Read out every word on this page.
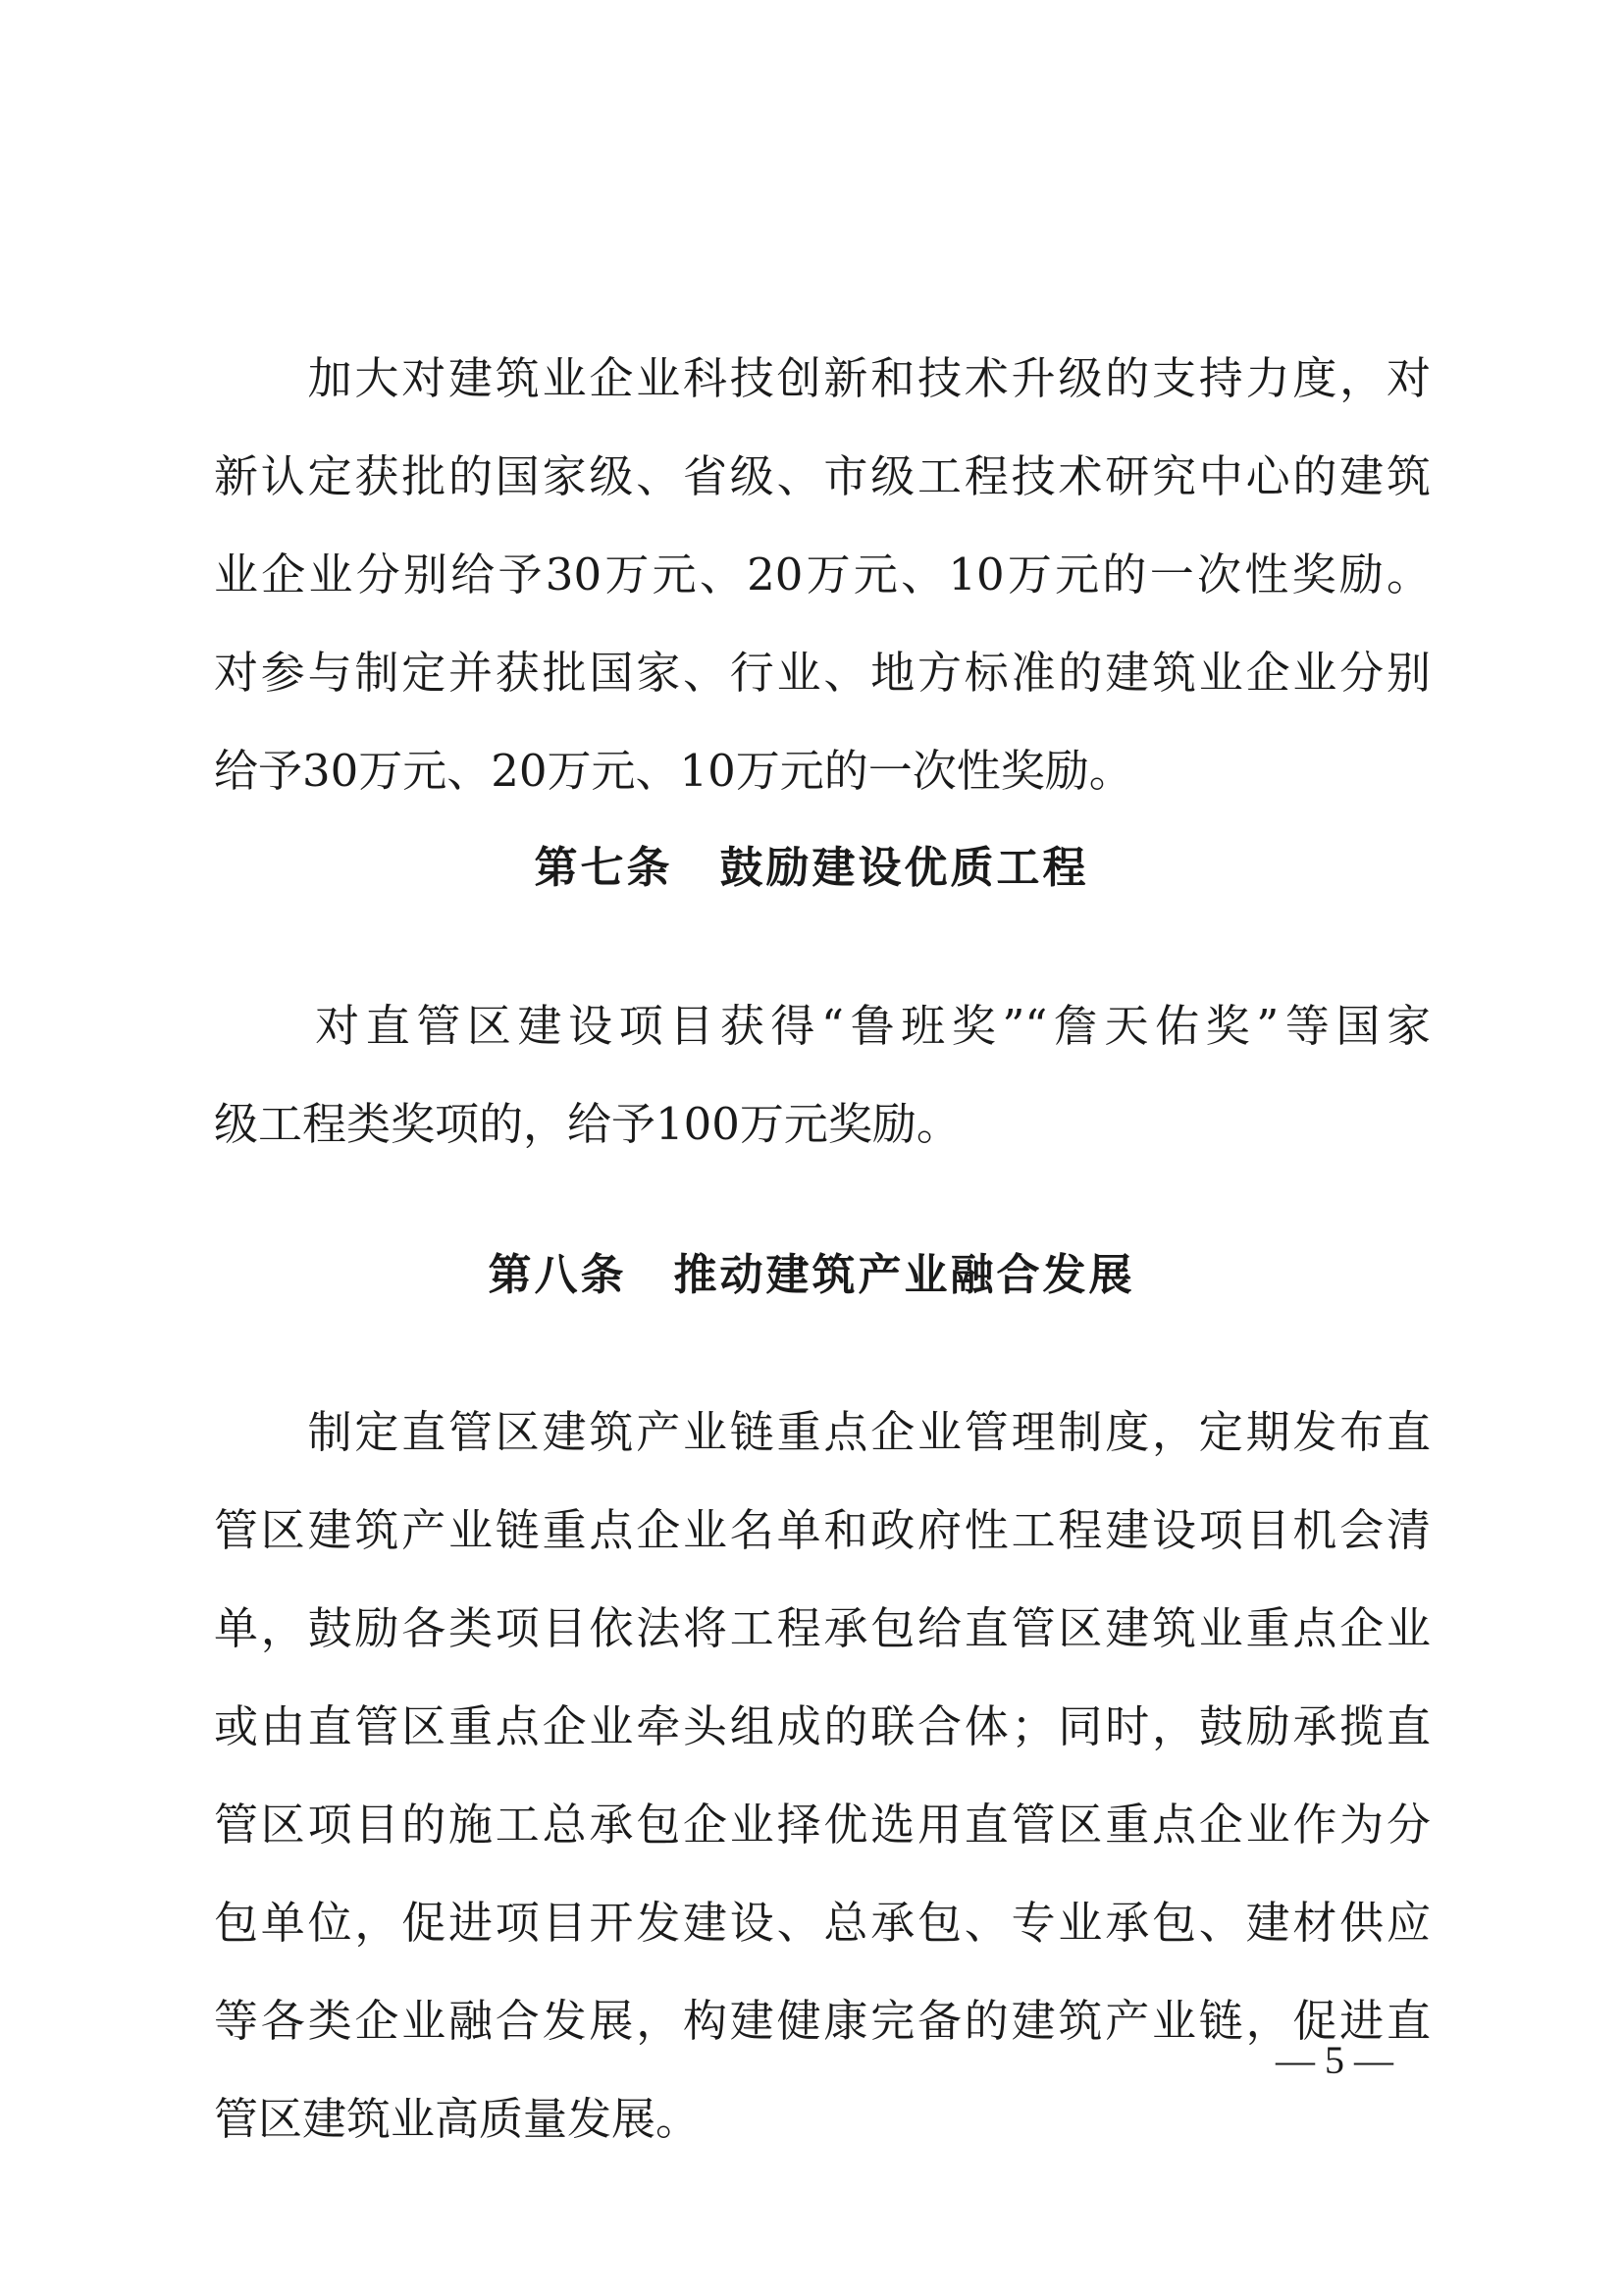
　　加大对建筑业企业科技创新和技术升级的支持力度，对
新认定获批的国家级、省级、市级工程技术研究中心的建筑
业企业分别给予30万元、20万元、10万元的一次性奖励。
对参与制定并获批国家、行业、地方标准的建筑业企业分别
给予30万元、20万元、10万元的一次性奖励。
第七条 鼓励建设优质工程
　　对直管区建设项目获得“鲁班奖”“詹天佑奖”等国家
级工程类奖项的，给予100万元奖励。
第八条 推动建筑产业融合发展
　　制定直管区建筑产业链重点企业管理制度，定期发布直
管区建筑产业链重点企业名单和政府性工程建设项目机会清
单，鼓励各类项目依法将工程承包给直管区建筑业重点企业
或由直管区重点企业牵头组成的联合体；同时，鼓励承揽直
管区项目的施工总承包企业择优选用直管区重点企业作为分
包单位，促进项目开发建设、总承包、专业承包、建材供应
等各类企业融合发展，构建健康完备的建筑产业链，促进直
管区建筑业高质量发展。
— 5 —
